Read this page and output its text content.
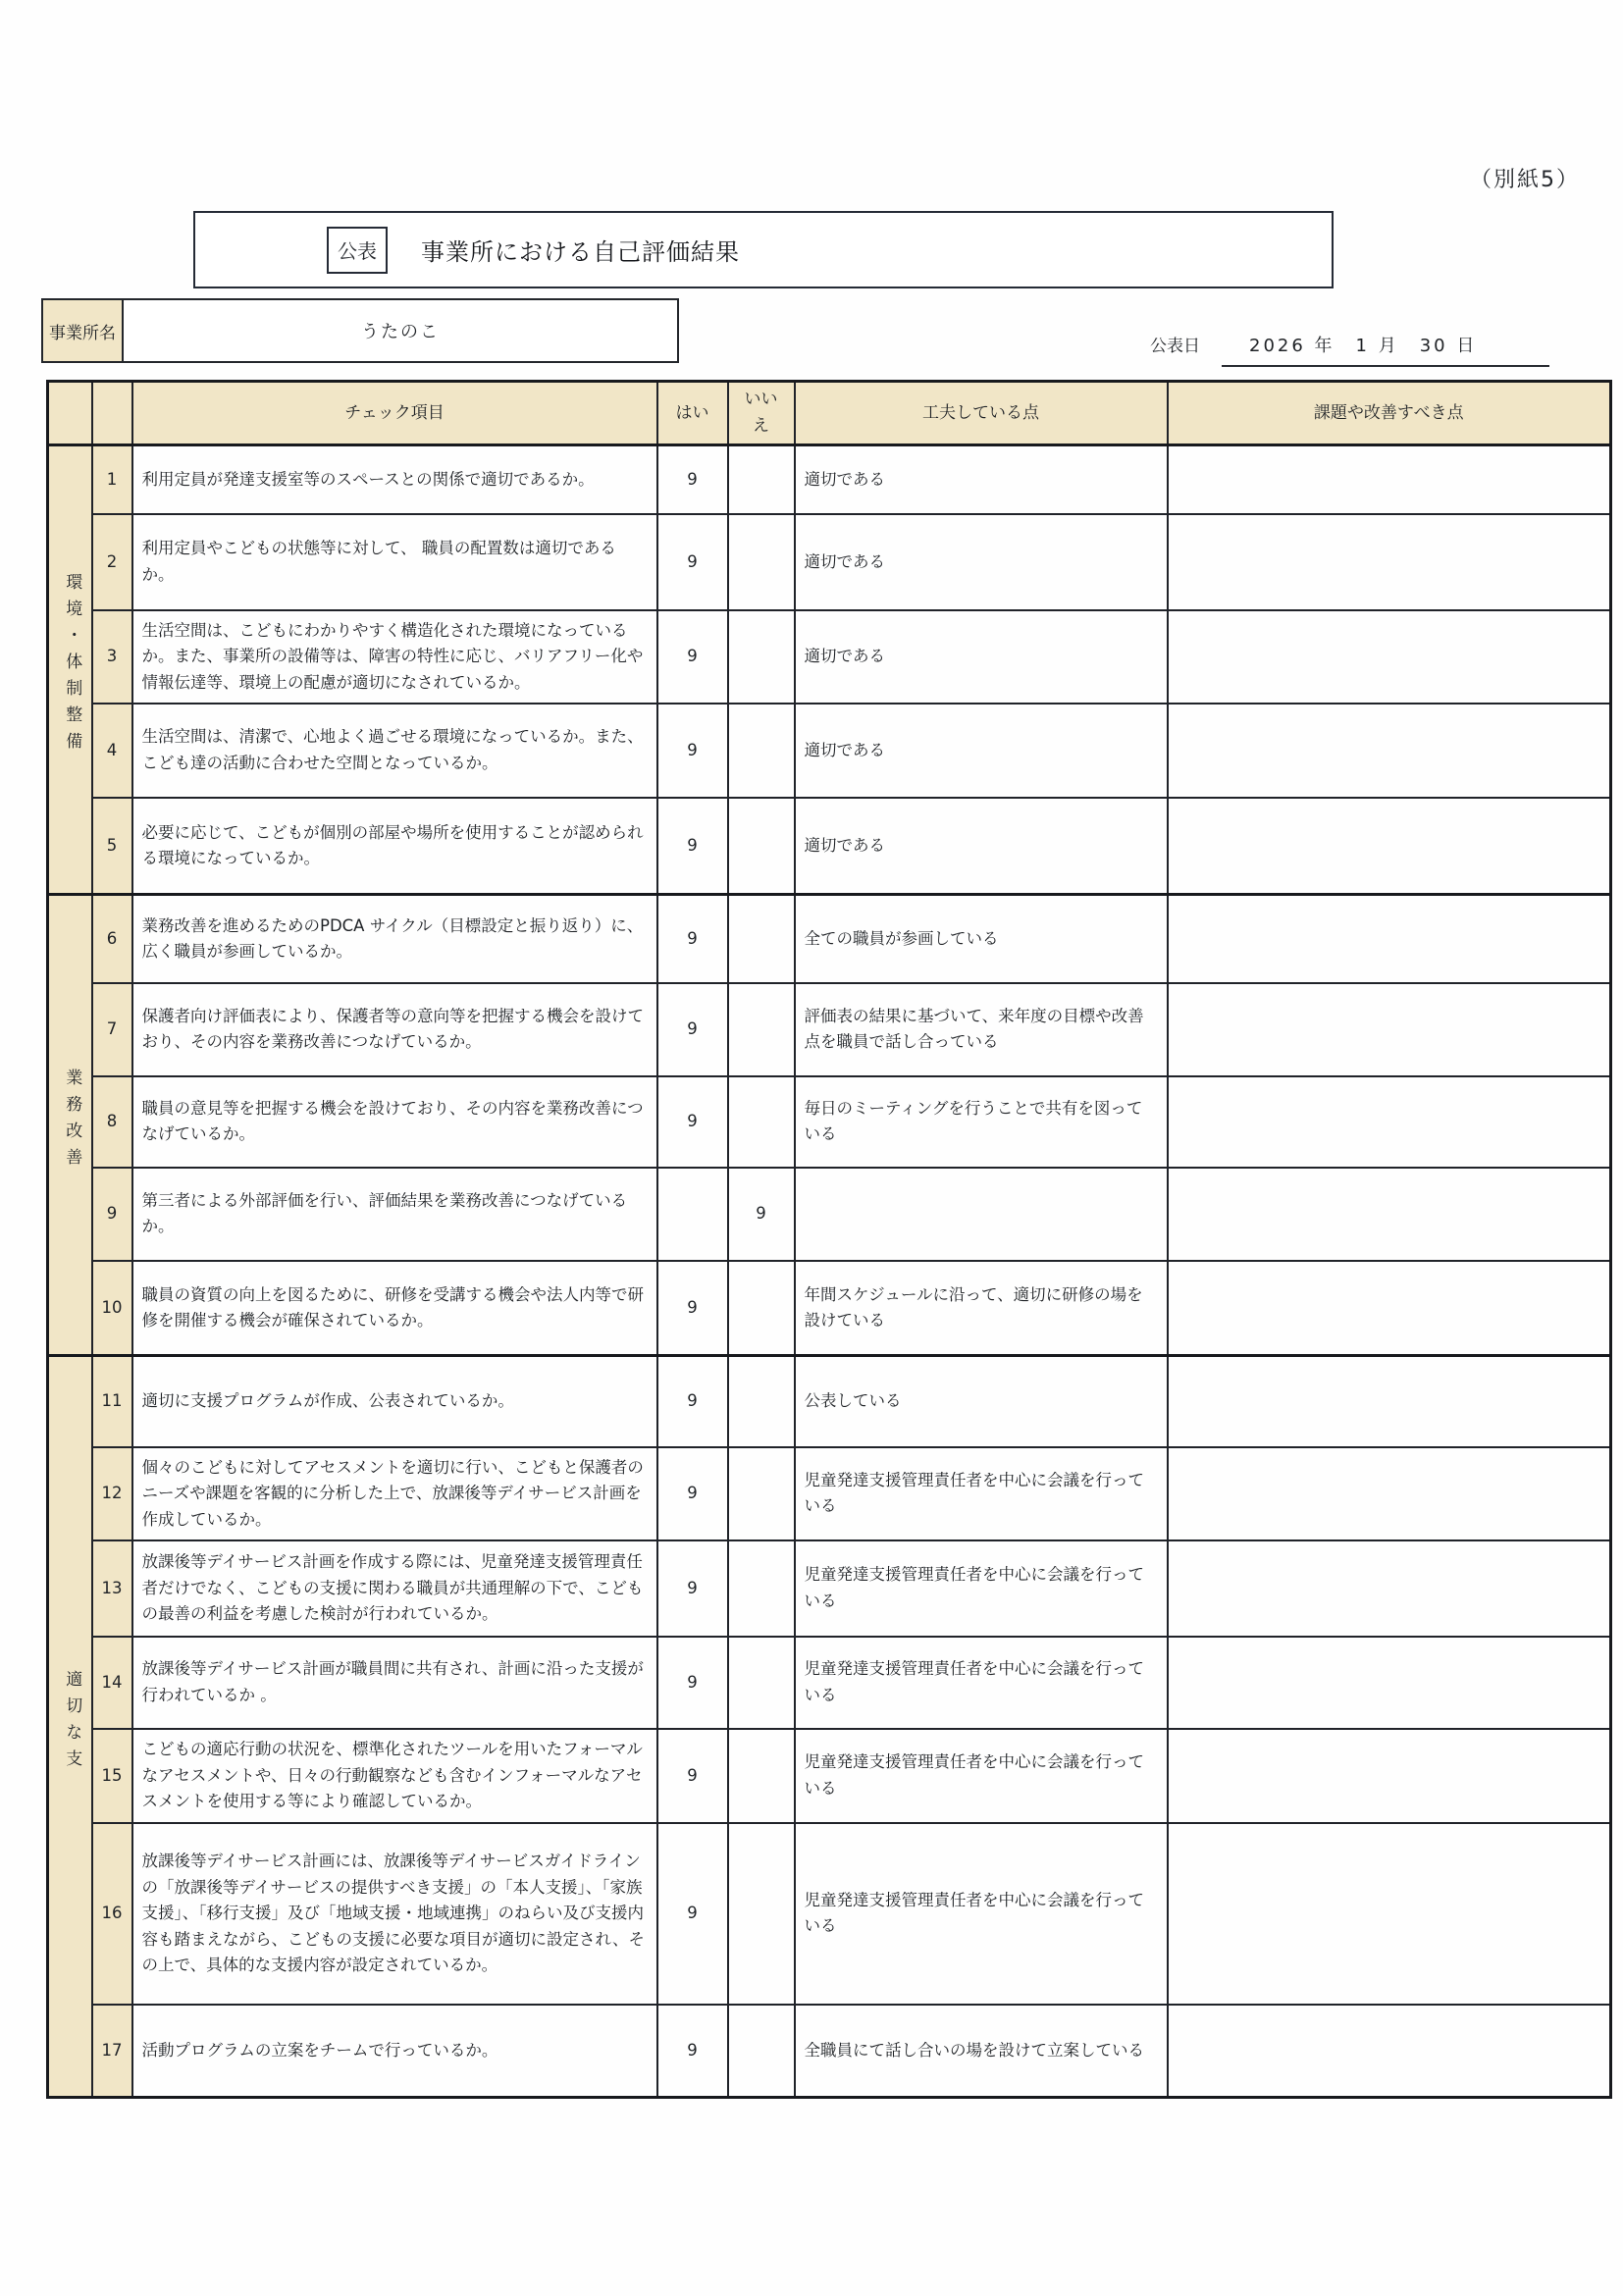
（別紙5）
公表	事業所における自己評価結果
事業所名	うたのこ
公表日	2026 年　1 月　30 日
		チェック項目	はい	いいえ	工夫している点	課題や改善すべき点
環境・体制整備	1	利用定員が発達支援室等のスペースとの関係で適切であるか。	9		適切である	
	2	利用定員やこどもの状態等に対して、 職員の配置数は適切であるか。	9		適切である	
	3	生活空間は、こどもにわかりやすく構造化された環境になっているか。また、事業所の設備等は、障害の特性に応じ、バリアフリー化や情報伝達等、環境上の配慮が適切になされているか。	9		適切である	
	4	生活空間は、清潔で、心地よく過ごせる環境になっているか。また、こども達の活動に合わせた空間となっているか。	9		適切である	
	5	必要に応じて、こどもが個別の部屋や場所を使用することが認められる環境になっているか。	9		適切である	
業務改善	6	業務改善を進めるためのPDCA サイクル（目標設定と振り返り）に、広く職員が参画しているか。	9		全ての職員が参画している	
	7	保護者向け評価表により、保護者等の意向等を把握する機会を設けており、その内容を業務改善につなげているか。	9		評価表の結果に基づいて、来年度の目標や改善点を職員で話し合っている	
	8	職員の意見等を把握する機会を設けており、その内容を業務改善につなげているか。	9		毎日のミーティングを行うことで共有を図っている	
	9	第三者による外部評価を行い、評価結果を業務改善につなげているか。		9		
	10	職員の資質の向上を図るために、研修を受講する機会や法人内等で研修を開催する機会が確保されているか。	9		年間スケジュールに沿って、適切に研修の場を設けている	
適切な支	11	適切に支援プログラムが作成、公表されているか。	9		公表している	
	12	個々のこどもに対してアセスメントを適切に行い、こどもと保護者のニーズや課題を客観的に分析した上で、放課後等デイサービス計画を作成しているか。	9		児童発達支援管理責任者を中心に会議を行っている	
	13	放課後等デイサービス計画を作成する際には、児童発達支援管理責任者だけでなく、こどもの支援に関わる職員が共通理解の下で、こどもの最善の利益を考慮した検討が行われているか。	9		児童発達支援管理責任者を中心に会議を行っている	
	14	放課後等デイサービス計画が職員間に共有され、計画に沿った支援が行われているか 。	9		児童発達支援管理責任者を中心に会議を行っている	
	15	こどもの適応行動の状況を、標準化されたツールを用いたフォーマルなアセスメントや、日々の行動観察なども含むインフォーマルなアセスメントを使用する等により確認しているか。	9		児童発達支援管理責任者を中心に会議を行っている	
	16	放課後等デイサービス計画には、放課後等デイサービスガイドラインの「放課後等デイサービスの提供すべき支援」の「本人支援」、「家族支援」、「移行支援」及び「地域支援・地域連携」のねらい及び支援内容も踏まえながら、こどもの支援に必要な項目が適切に設定され、その上で、具体的な支援内容が設定されているか。	9		児童発達支援管理責任者を中心に会議を行っている	
	17	活動プログラムの立案をチームで行っているか。	9		全職員にて話し合いの場を設けて立案している	
